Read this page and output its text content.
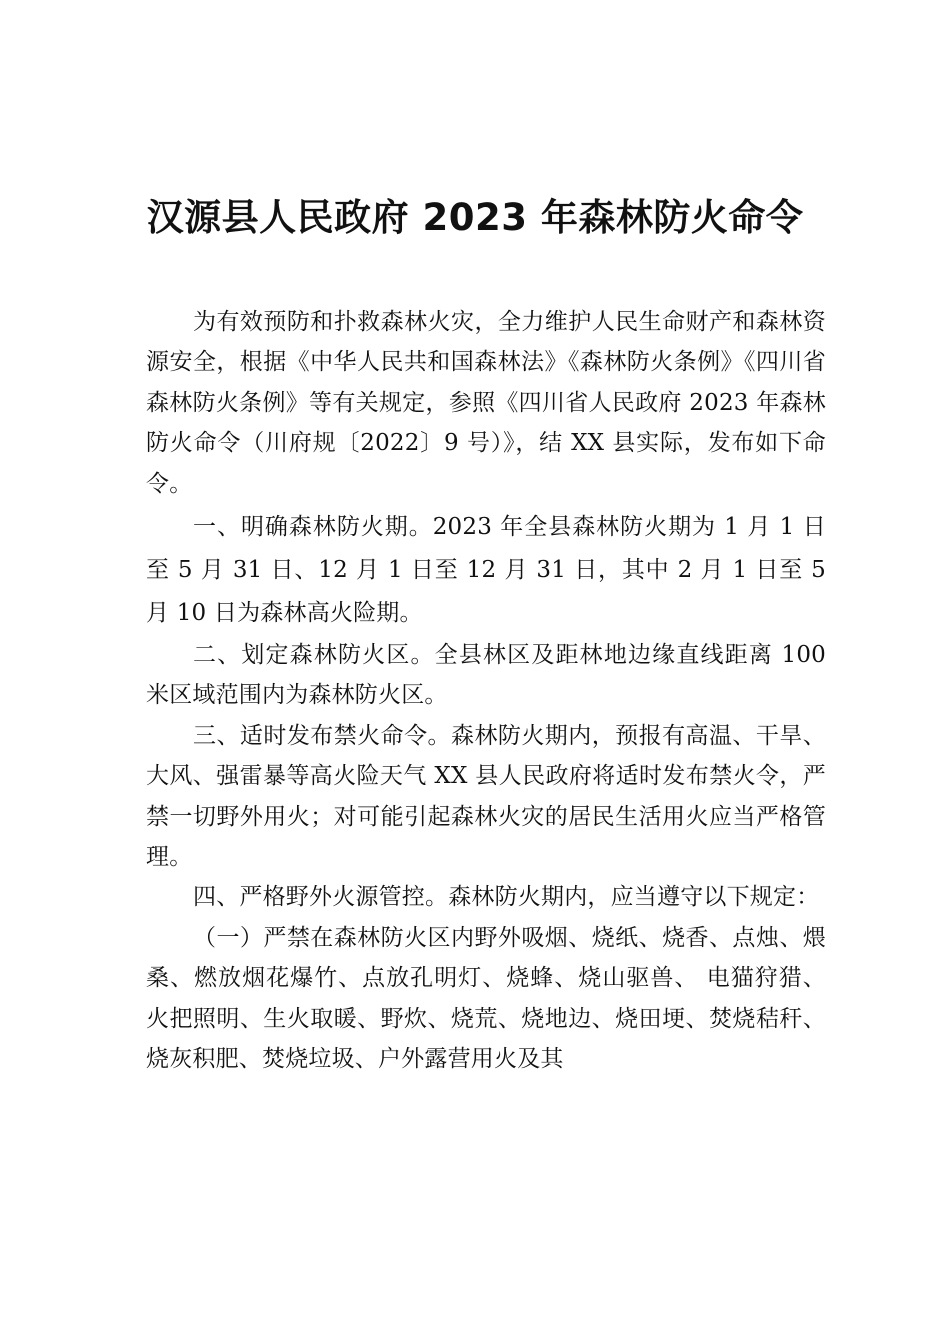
汉源县人民政府 2023 年森林防火命令

为有效预防和扑救森林火灾，全力维护人民生命财产和森林资源安全，根据《中华人民共和国森林法》《森林防火条例》《四川省森林防火条例》等有关规定，参照《四川省人民政府 2023 年森林防火命令（川府规〔2022〕9 号）》，结 XX 县实际，发布如下命令。

一、明确森林防火期。2023 年全县森林防火期为 1 月 1 日至 5 月 31 日、12 月 1 日至 12 月 31 日，其中 2 月 1 日至 5 月 10 日为森林高火险期。

二、划定森林防火区。全县林区及距林地边缘直线距离 100 米区域范围内为森林防火区。

三、适时发布禁火命令。森林防火期内，预报有高温、干旱、大风、强雷暴等高火险天气 XX 县人民政府将适时发布禁火令，严禁一切野外用火；对可能引起森林火灾的居民生活用火应当严格管理。

四、严格野外火源管控。森林防火期内，应当遵守以下规定：

（一）严禁在森林防火区内野外吸烟、烧纸、烧香、点烛、煨桑、燃放烟花爆竹、点放孔明灯、烧蜂、烧山驱兽、 电猫狩猎、火把照明、生火取暖、野炊、烧荒、烧地边、烧田埂、焚烧秸秆、烧灰积肥、焚烧垃圾、户外露营用火及其
